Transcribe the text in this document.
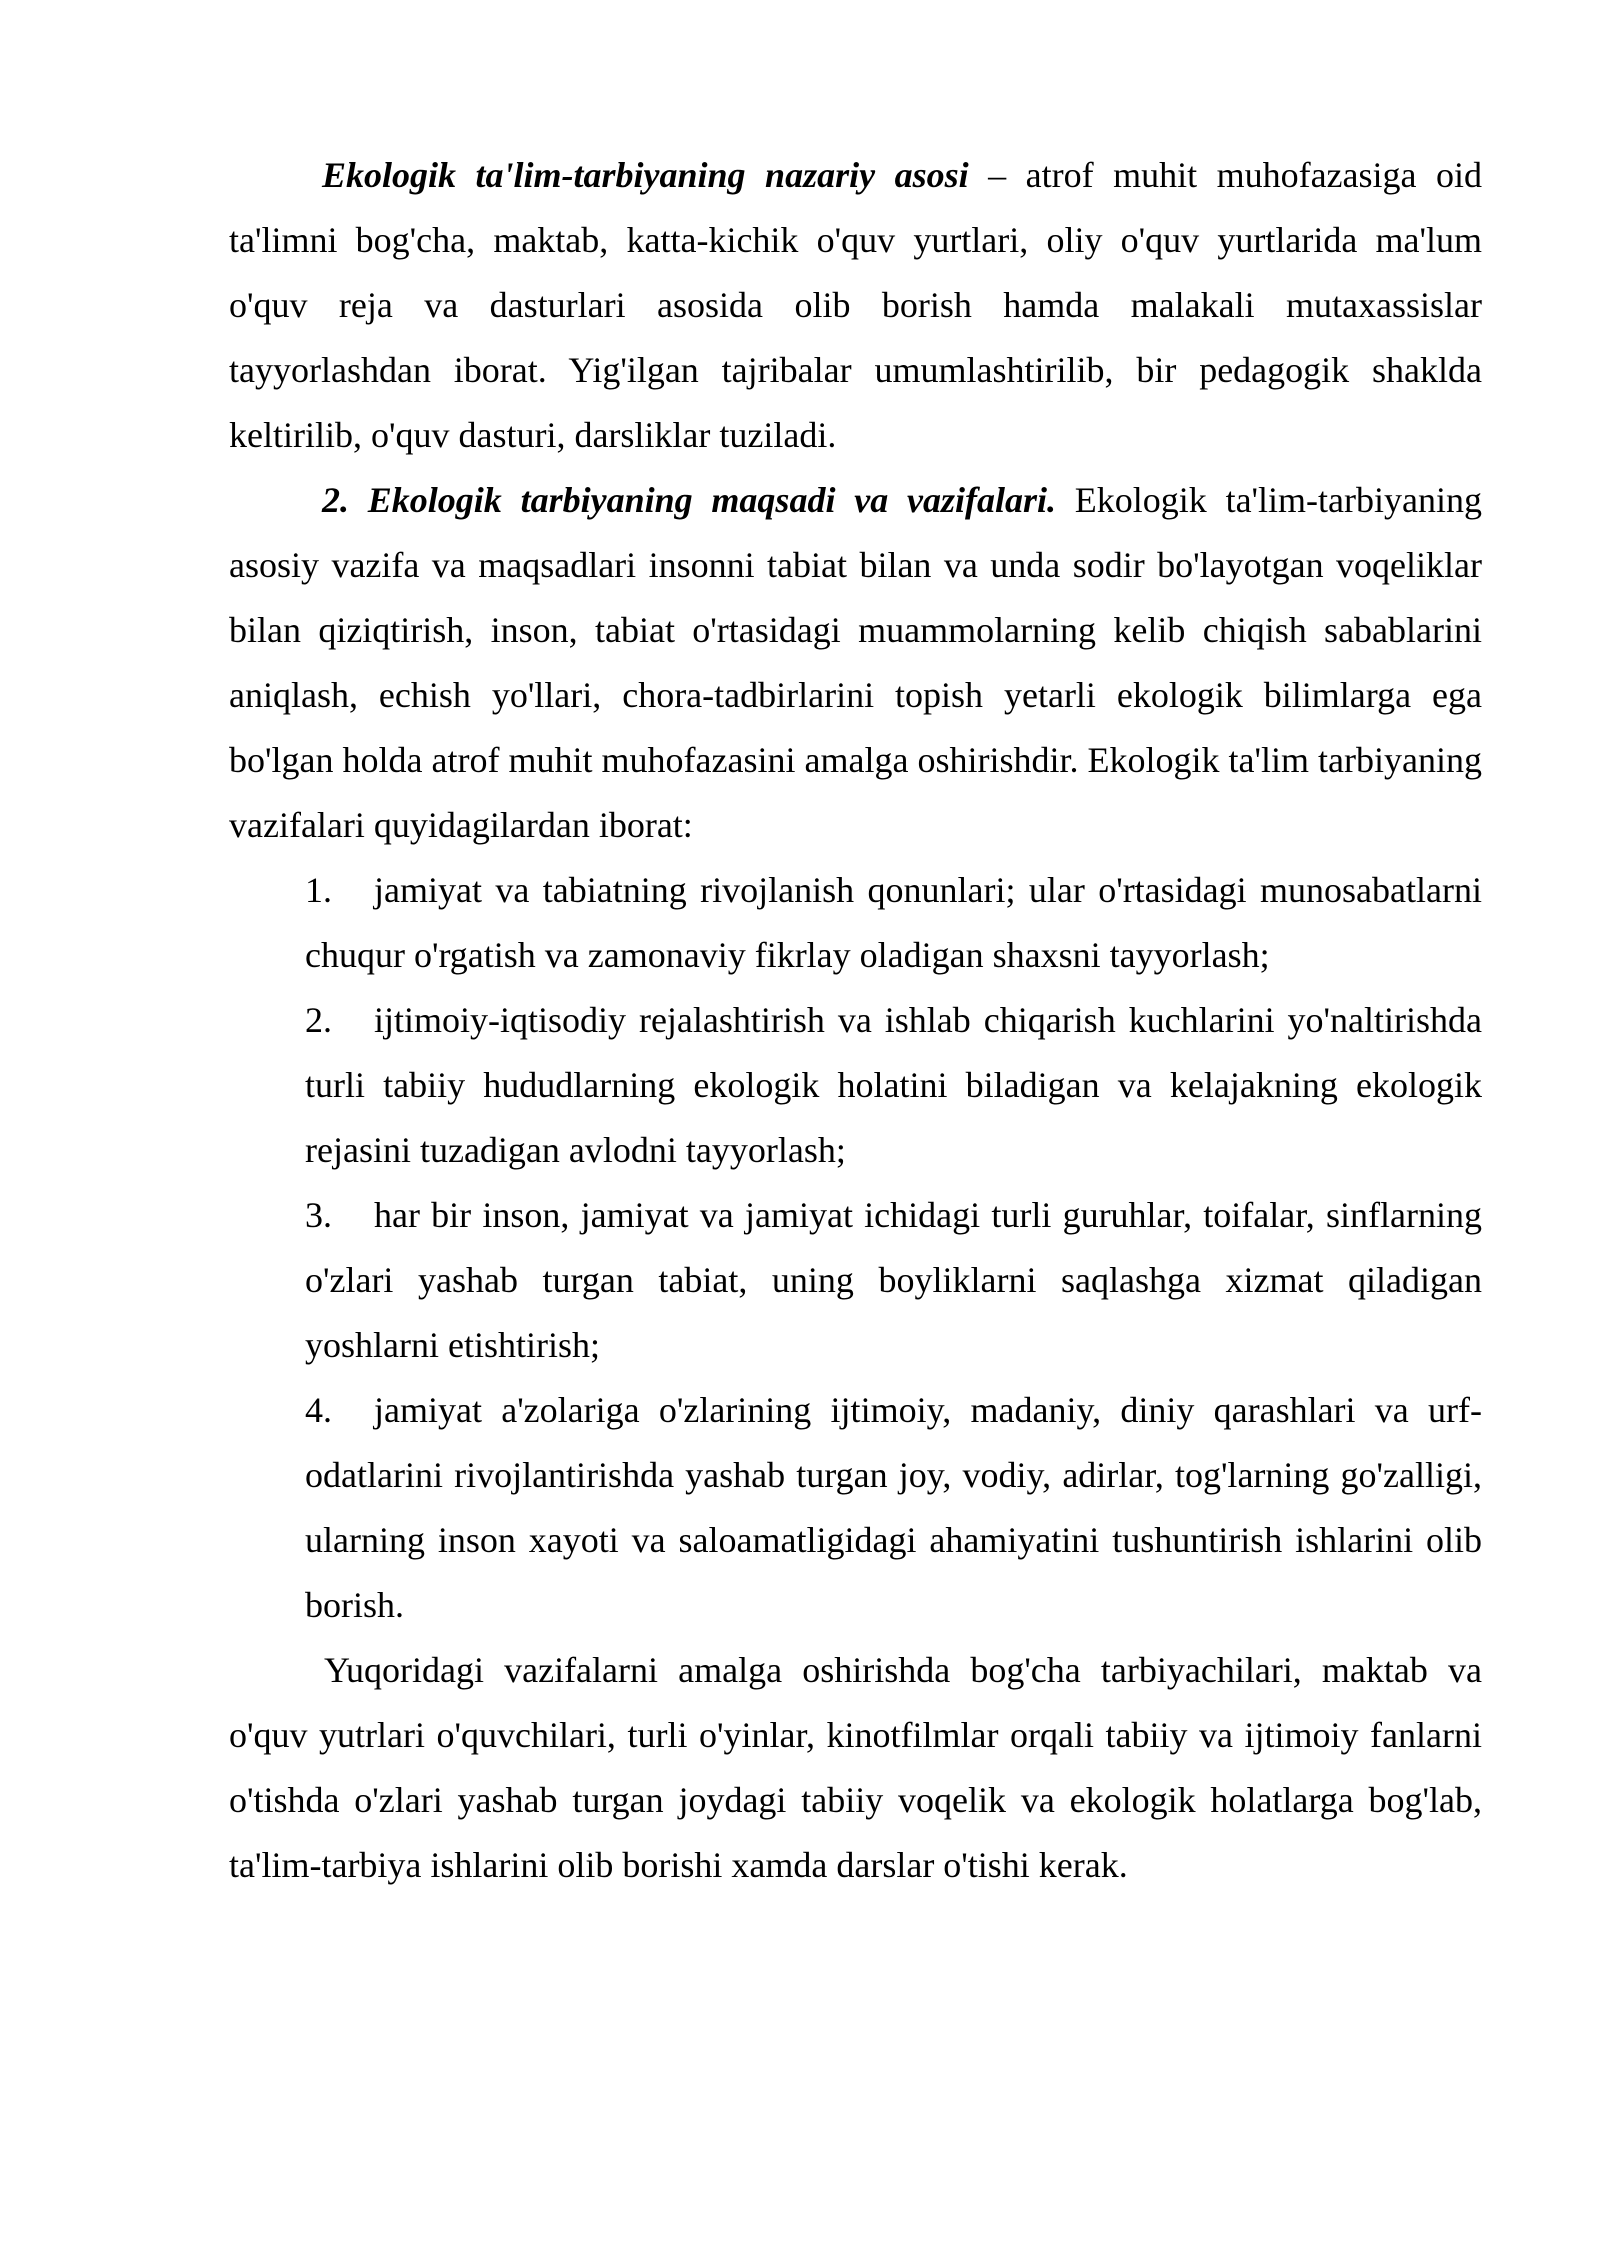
Ekologik ta'lim-tarbiyaning nazariy asosi – atrof muhit muhofazasiga oid ta'limni bog'cha, maktab, katta-kichik o'quv yurtlari, oliy o'quv yurtlarida ma'lum o'quv reja va dasturlari asosida olib borish hamda malakali mutaxassislar tayyorlashdan iborat. Yig'ilgan tajribalar umumlashtirilib, bir pedagogik shaklda keltirilib, o'quv dasturi, darsliklar tuziladi.

2. Ekologik tarbiyaning maqsadi va vazifalari. Ekologik ta'lim-tarbiyaning asosiy vazifa va maqsadlari insonni tabiat bilan va unda sodir bo'layotgan voqeliklar bilan qiziqtirish, inson, tabiat o'rtasidagi muammolarning kelib chiqish sabablarini aniqlash, echish yo'llari, chora-tadbirlarini topish yetarli ekologik bilimlarga ega bo'lgan holda atrof muhit muhofazasini amalga oshirishdir. Ekologik ta'lim tarbiyaning vazifalari quyidagilardan iborat:

1. jamiyat va tabiatning rivojlanish qonunlari; ular o'rtasidagi munosabatlarni chuqur o'rgatish va zamonaviy fikrlay oladigan shaxsni tayyorlash;
2. ijtimoiy-iqtisodiy rejalashtirish va ishlab chiqarish kuchlarini yo'naltirishda turli tabiiy hududlarning ekologik holatini biladigan va kelajakning ekologik rejasini tuzadigan avlodni tayyorlash;
3. har bir inson, jamiyat va jamiyat ichidagi turli guruhlar, toifalar, sinflarning o'zlari yashab turgan tabiat, uning boyliklarni saqlashga xizmat qiladigan yoshlarni etishtirish;
4. jamiyat a'zolariga o'zlarining ijtimoiy, madaniy, diniy qarashlari va urf-odatlarini rivojlantirishda yashab turgan joy, vodiy, adirlar, tog'larning go'zalligi, ularning inson xayoti va saloamatligidagi ahamiyatini tushuntirish ishlarini olib borish.

Yuqoridagi vazifalarni amalga oshirishda bog'cha tarbiyachilari, maktab va o'quv yutrlari o'quvchilari, turli o'yinlar, kinotfilmlar orqali tabiiy va ijtimoiy fanlarni o'tishda o'zlari yashab turgan joydagi tabiiy voqelik va ekologik holatlarga bog'lab, ta'lim-tarbiya ishlarini olib borishi xamda darslar o'tishi kerak.
